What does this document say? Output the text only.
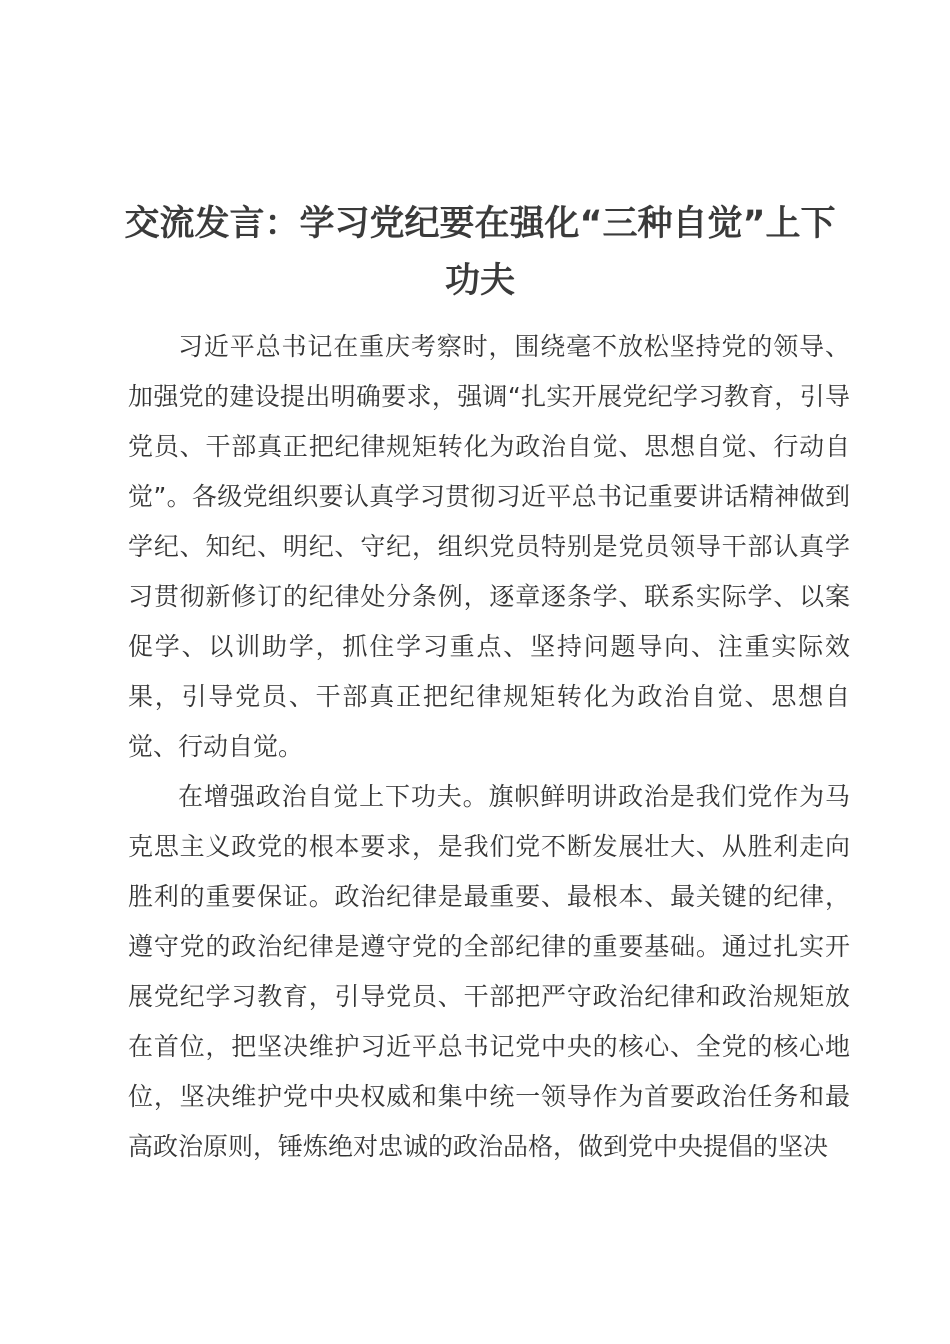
交流发言：学习党纪要在强化“三种自觉”上下功夫

习近平总书记在重庆考察时，围绕毫不放松坚持党的领导、加强党的建设提出明确要求，强调“扎实开展党纪学习教育，引导党员、干部真正把纪律规矩转化为政治自觉、思想自觉、行动自觉”。各级党组织要认真学习贯彻习近平总书记重要讲话精神做到学纪、知纪、明纪、守纪，组织党员特别是党员领导干部认真学习贯彻新修订的纪律处分条例，逐章逐条学、联系实际学、以案促学、以训助学，抓住学习重点、坚持问题导向、注重实际效果，引导党员、干部真正把纪律规矩转化为政治自觉、思想自觉、行动自觉。

在增强政治自觉上下功夫。旗帜鲜明讲政治是我们党作为马克思主义政党的根本要求，是我们党不断发展壮大、从胜利走向胜利的重要保证。政治纪律是最重要、最根本、最关键的纪律，遵守党的政治纪律是遵守党的全部纪律的重要基础。通过扎实开展党纪学习教育，引导党员、干部把严守政治纪律和政治规矩放在首位，把坚决维护习近平总书记党中央的核心、全党的核心地位，坚决维护党中央权威和集中统一领导作为首要政治任务和最高政治原则，锤炼绝对忠诚的政治品格，做到党中央提倡的坚决
